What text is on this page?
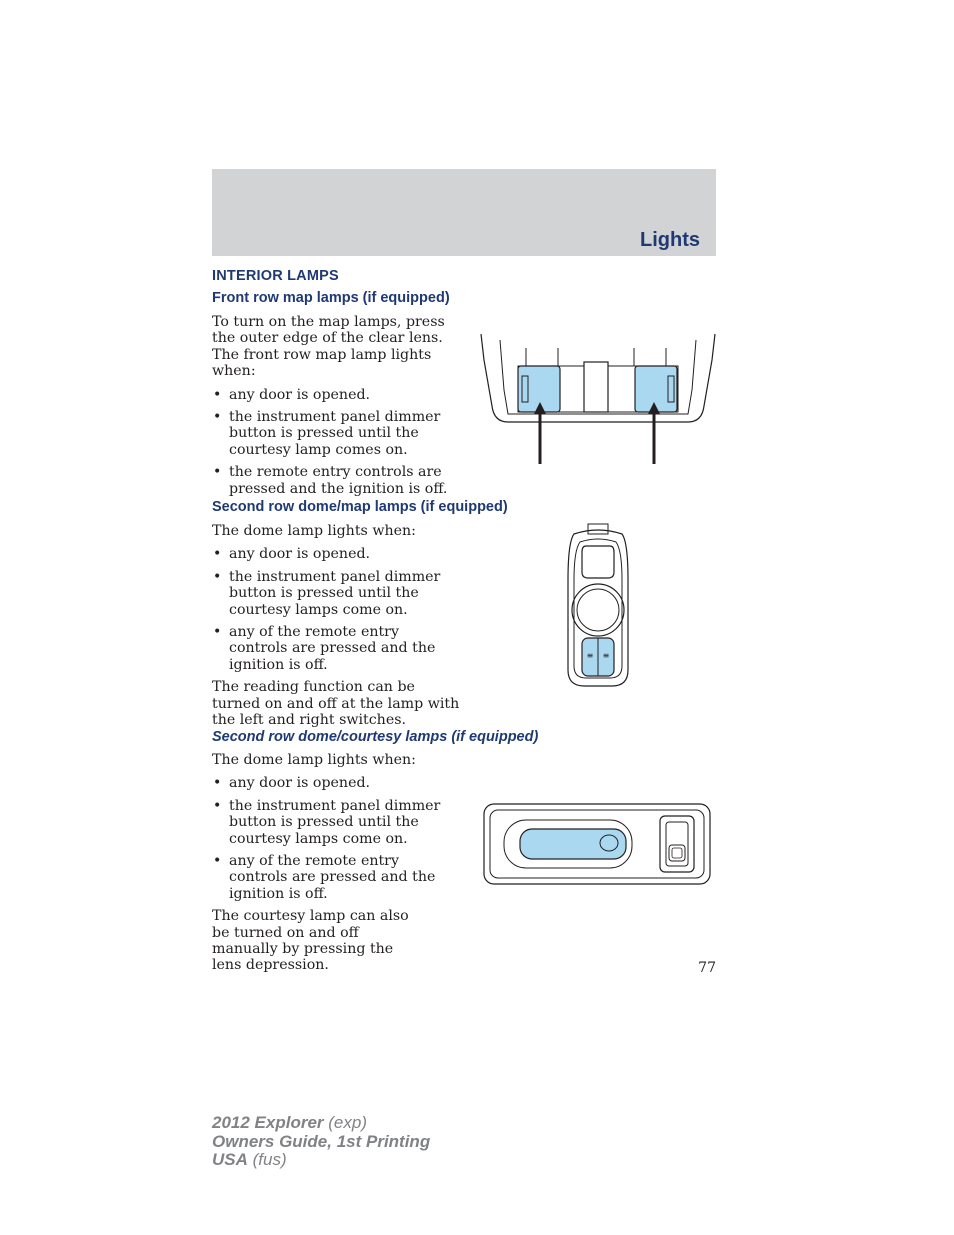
Lights
INTERIOR LAMPS
Front row map lamps (if equipped)

To turn on the map lamps, press the outer edge of the clear lens. The front row map lamp lights when:

• any door is opened.
• the instrument panel dimmer button is pressed until the courtesy lamp comes on.
• the remote entry controls are pressed and the ignition is off.
Second row dome/map lamps (if equipped)

The dome lamp lights when:

• any door is opened.
• the instrument panel dimmer button is pressed until the courtesy lamps come on.
• any of the remote entry controls are pressed and the ignition is off.

The reading function can be turned on and off at the lamp with the left and right switches.

≡ ≡
Second row dome/courtesy lamps (if equipped)

The dome lamp lights when:

• any door is opened.
• the instrument panel dimmer button is pressed until the courtesy lamps come on.
• any of the remote entry controls are pressed and the ignition is off.

The courtesy lamp can also be turned on and off manually by pressing the lens depression.	77
2012 Explorer (exp)
Owners Guide, 1st Printing
USA (fus)
